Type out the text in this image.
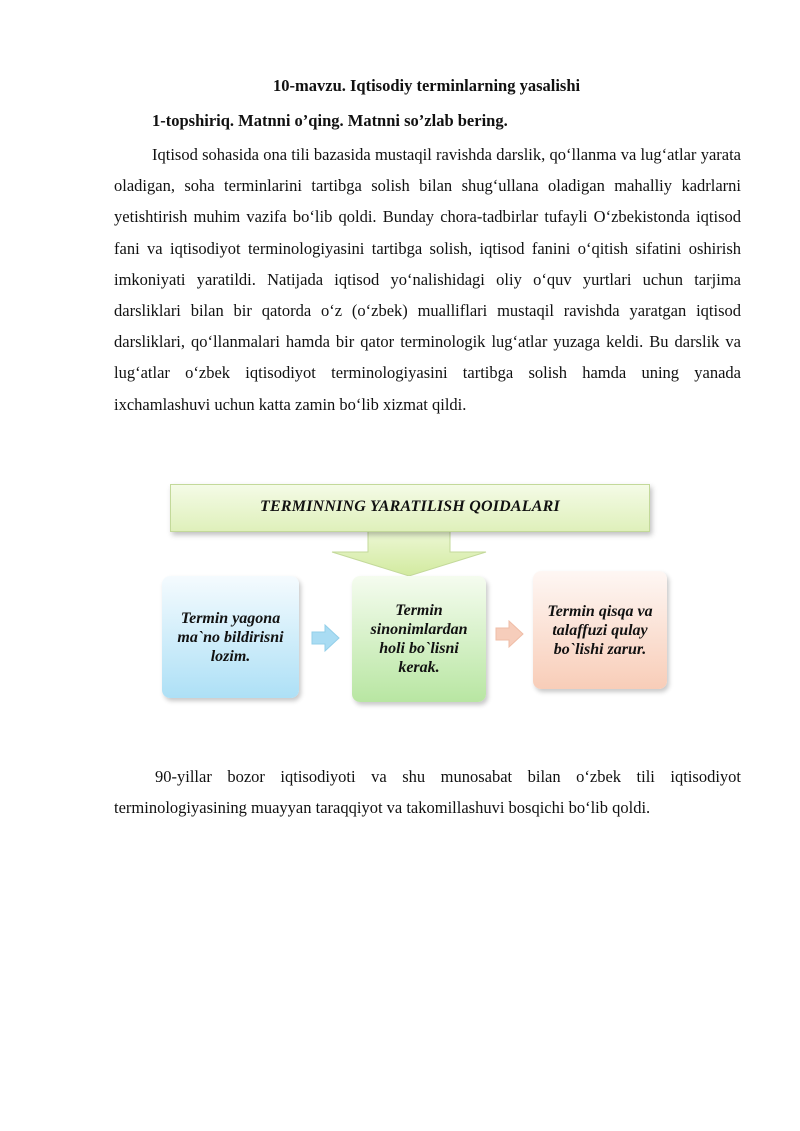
10-mavzu. Iqtisodiy terminlarning yasalishi
1-topshiriq. Matnni o’qing. Matnni so’zlab bering.

Iqtisod sohasida ona tili bazasida mustaqil ravishda darslik, qo‘llanma va lug‘atlar yarata oladigan, soha terminlarini tartibga solish bilan shug‘ullana oladigan mahalliy kadrlarni yetishtirish muhim vazifa bo‘lib qoldi. Bunday chora-tadbirlar tufayli O‘zbekistonda iqtisod fani va iqtisodiyot terminologiyasini tartibga solish, iqtisod fanini o‘qitish sifatini oshirish imkoniyati yaratildi. Natijada iqtisod yo‘nalishidagi oliy o‘quv yurtlari uchun tarjima darsliklari bilan bir qatorda o‘z (o‘zbek) mualliflari mustaqil ravishda yaratgan iqtisod darsliklari, qo‘llanmalari hamda bir qator terminologik lug‘atlar yuzaga keldi. Bu darslik va lug‘atlar o‘zbek iqtisodiyot terminologiyasini tartibga solish hamda uning yanada ixchamlashuvi uchun katta zamin bo‘lib xizmat qildi.

TERMINNING YARATILISH QOIDALARI
Termin yagona ma`no bildirisni lozim.
Termin sinonimlardan holi bo`lisni kerak.
Termin qisqa va talaffuzi qulay bo`lishi zarur.

90-yillar bozor iqtisodiyoti va shu munosabat bilan o‘zbek tili iqtisodiyot terminologiyasining muayyan taraqqiyot va takomillashuvi bosqichi bo‘lib qoldi.
